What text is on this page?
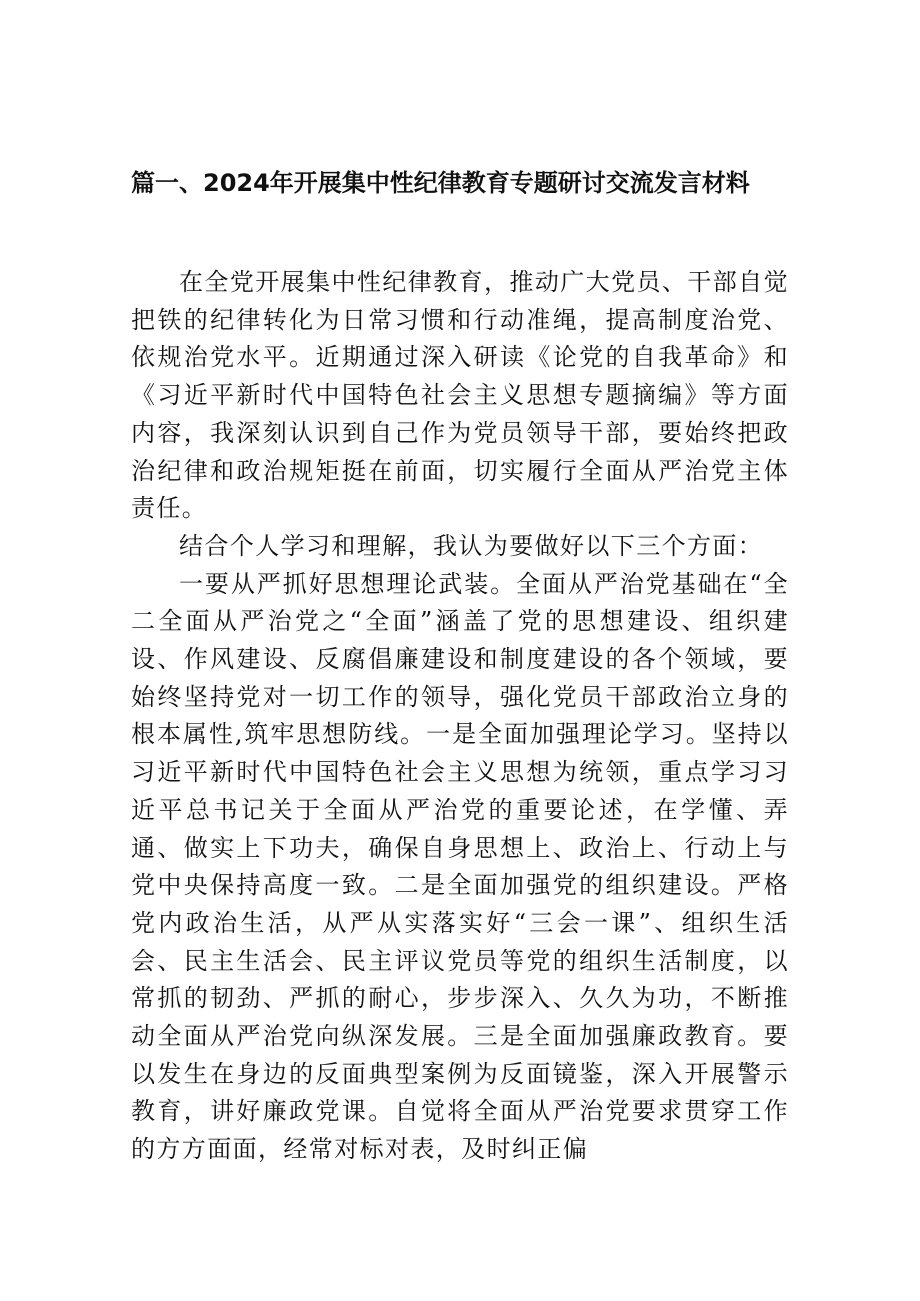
篇一、2024年开展集中性纪律教育专题研讨交流发言材料

在全党开展集中性纪律教育，推动广大党员、干部自觉把铁的纪律转化为日常习惯和行动准绳，提高制度治党、依规治党水平。近期通过深入研读《论党的自我革命》和《习近平新时代中国特色社会主义思想专题摘编》等方面内容，我深刻认识到自己作为党员领导干部，要始终把政治纪律和政治规矩挺在前面，切实履行全面从严治党主体责任。

结合个人学习和理解，我认为要做好以下三个方面：

一要从严抓好思想理论武装。全面从严治党基础在“全二全面从严治党之“全面”涵盖了党的思想建设、组织建设、作风建设、反腐倡廉建设和制度建设的各个领域，要始终坚持党对一切工作的领导，强化党员干部政治立身的根本属性,筑牢思想防线。一是全面加强理论学习。坚持以习近平新时代中国特色社会主义思想为统领，重点学习习近平总书记关于全面从严治党的重要论述，在学懂、弄通、做实上下功夫，确保自身思想上、政治上、行动上与党中央保持高度一致。二是全面加强党的组织建设。严格党内政治生活，从严从实落实好“三会一课”、组织生活会、民主生活会、民主评议党员等党的组织生活制度，以常抓的韧劲、严抓的耐心，步步深入、久久为功，不断推动全面从严治党向纵深发展。三是全面加强廉政教育。要以发生在身边的反面典型案例为反面镜鉴，深入开展警示教育，讲好廉政党课。自觉将全面从严治党要求贯穿工作的方方面面，经常对标对表，及时纠正偏
